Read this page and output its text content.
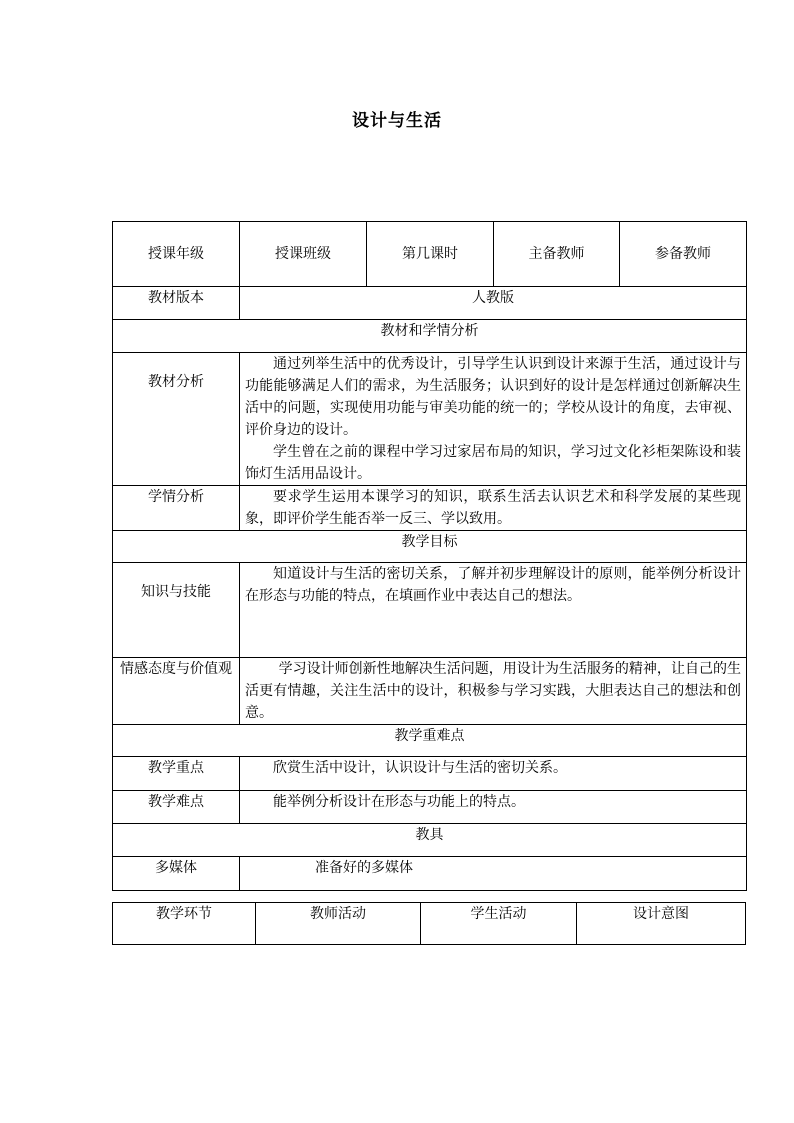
设计与生活
授课年级	授课班级	第几课时	主备教师	参备教师
教材版本	人教版			
教材和学情分析				
教材分析	通过列举生活中的优秀设计，引导学生认识到设计来源于生活，通过设计与功能能够满足人们的需求，为生活服务；认识到好的设计是怎样通过创新解决生活中的问题，实现使用功能与审美功能的统一的；学校从设计的角度，去审视、评价身边的设计。

学生曾在之前的课程中学习过家居布局的知识，学习过文化衫柜架陈设和装饰灯生活用品设计。			

学情分析	要求学生运用本课学习的知识，联系生活去认识艺术和科学发展的某些现象，即评价学生能否举一反三、学以致用。			
教学目标				
知识与技能	知道设计与生活的密切关系，了解并初步理解设计的原则，能举例分析设计在形态与功能的特点，在填画作业中表达自己的想法。			
情感态度与价值观	学习设计师创新性地解决生活问题，用设计为生活服务的精神，让自己的生活更有情趣，关注生活中的设计，积极参与学习实践，大胆表达自己的想法和创意。			
教学重难点				
教学重点	欣赏生活中设计，认识设计与生活的密切关系。			
教学难点	能举例分析设计在形态与功能上的特点。			
教具				
多媒体	准备好的多媒体			
教学环节	教师活动	学生活动	设计意图
